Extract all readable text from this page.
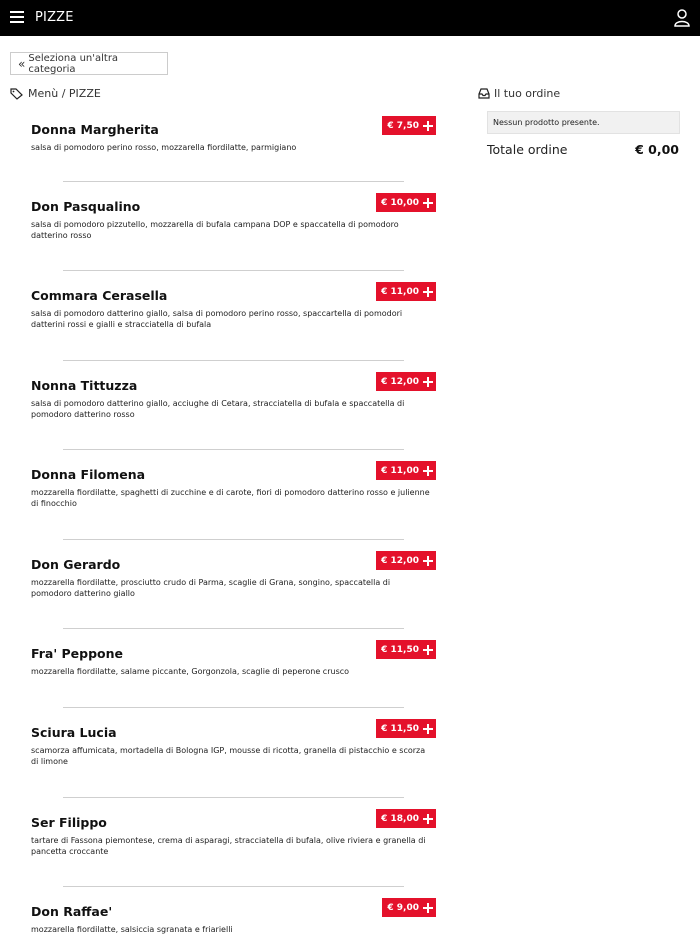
PIZZE
« Seleziona un'altra categoria
Menù / PIZZE	Il tuo ordine
Nessun prodotto presente.
Totale ordine	€ 0,00
Donna Margherita
salsa di pomodoro perino rosso, mozzarella fiordilatte, parmigiano
€ 7,50
Don Pasqualino
salsa di pomodoro pizzutello, mozzarella di bufala campana DOP e spaccatella di pomodoro datterino rosso
€ 10,00
Commara Cerasella
salsa di pomodoro datterino giallo, salsa di pomodoro perino rosso, spaccartella di pomodori datterini rossi e gialli e stracciatella di bufala
€ 11,00
Nonna Tittuzza
salsa di pomodoro datterino giallo, acciughe di Cetara, stracciatella di bufala e spaccatella di pomodoro datterino rosso
€ 12,00
Donna Filomena
mozzarella fiordilatte, spaghetti di zucchine e di carote, fiori di pomodoro datterino rosso e julienne di finocchio
€ 11,00
Don Gerardo
mozzarella fiordilatte, prosciutto crudo di Parma, scaglie di Grana, songino, spaccatella di pomodoro datterino giallo
€ 12,00
Fra' Peppone
mozzarella fiordilatte, salame piccante, Gorgonzola, scaglie di peperone crusco
€ 11,50
Sciura Lucia
scamorza affumicata, mortadella di Bologna IGP, mousse di ricotta, granella di pistacchio e scorza di limone
€ 11,50
Ser Filippo
tartare di Fassona piemontese, crema di asparagi, stracciatella di bufala, olive riviera e granella di pancetta croccante
€ 18,00
Don Raffae'
mozzarella fiordilatte, salsiccia sgranata e friarielli
€ 9,00
